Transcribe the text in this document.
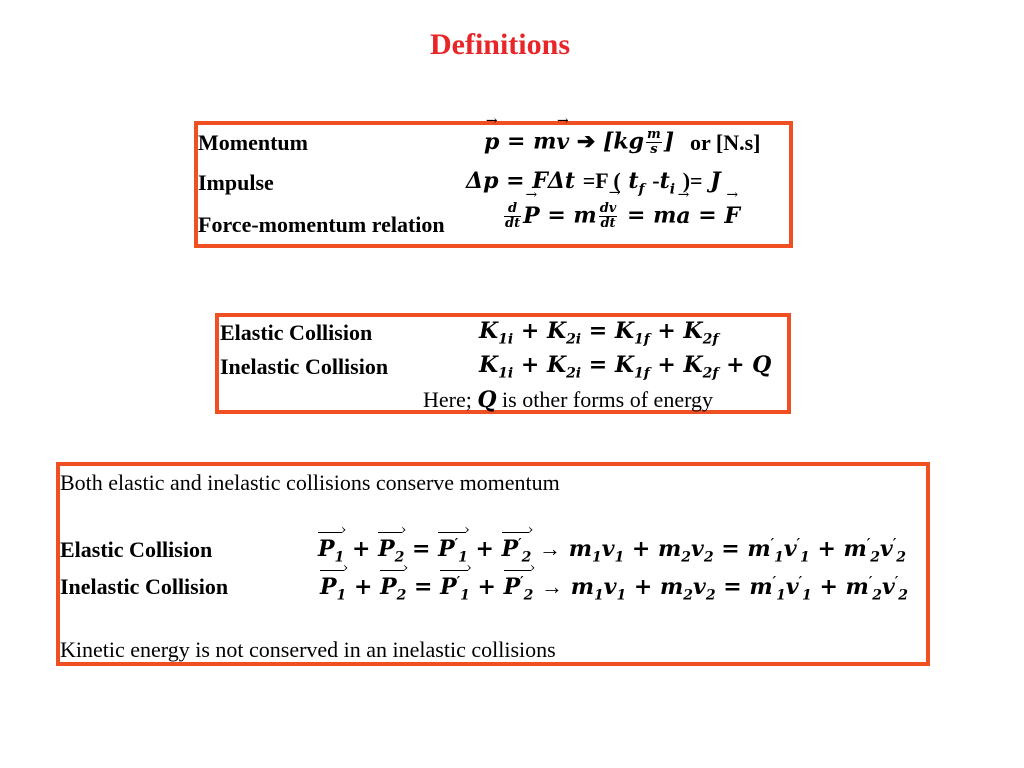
Definitions
Momentum
→	p = m→ v ➔ [$kg \frac{m}{s}$ ] or [N.s]
Impulse	Δp = FΔt =F ( $t_f$ $-t_i$ )= J
Force-momentum relation	$\frac{d}{dt}$
→ P = m $\frac{d\to v}{dt} = m\to a$ = → F
Elastic Collision	$K_{1i} + K_{2i} = K_{1f} + K_{2f}$
Inelastic Collision	$K_{1i} + K_{2i} = K_{1f} + K_{2f} + Q$
Here; Q is other forms of energy
Both elastic and inelastic collisions conserve momentum
Elastic Collision	$P_1$ › + $P_2$ › = $P'_1$ › + $P'_2$ › → $m_1v_1 + m_2v_2 = m'_1v'_1 + m'_2v'_2$
Inelastic Collision	$P_1$ › + $P_2$ › = $P'_1$ › + $P'_2$ › → $m_1v_1 + m_2v_2 = m'_1v'_1 + m'_2v'_2$
Kinetic energy is not conserved in an inelastic collisions
